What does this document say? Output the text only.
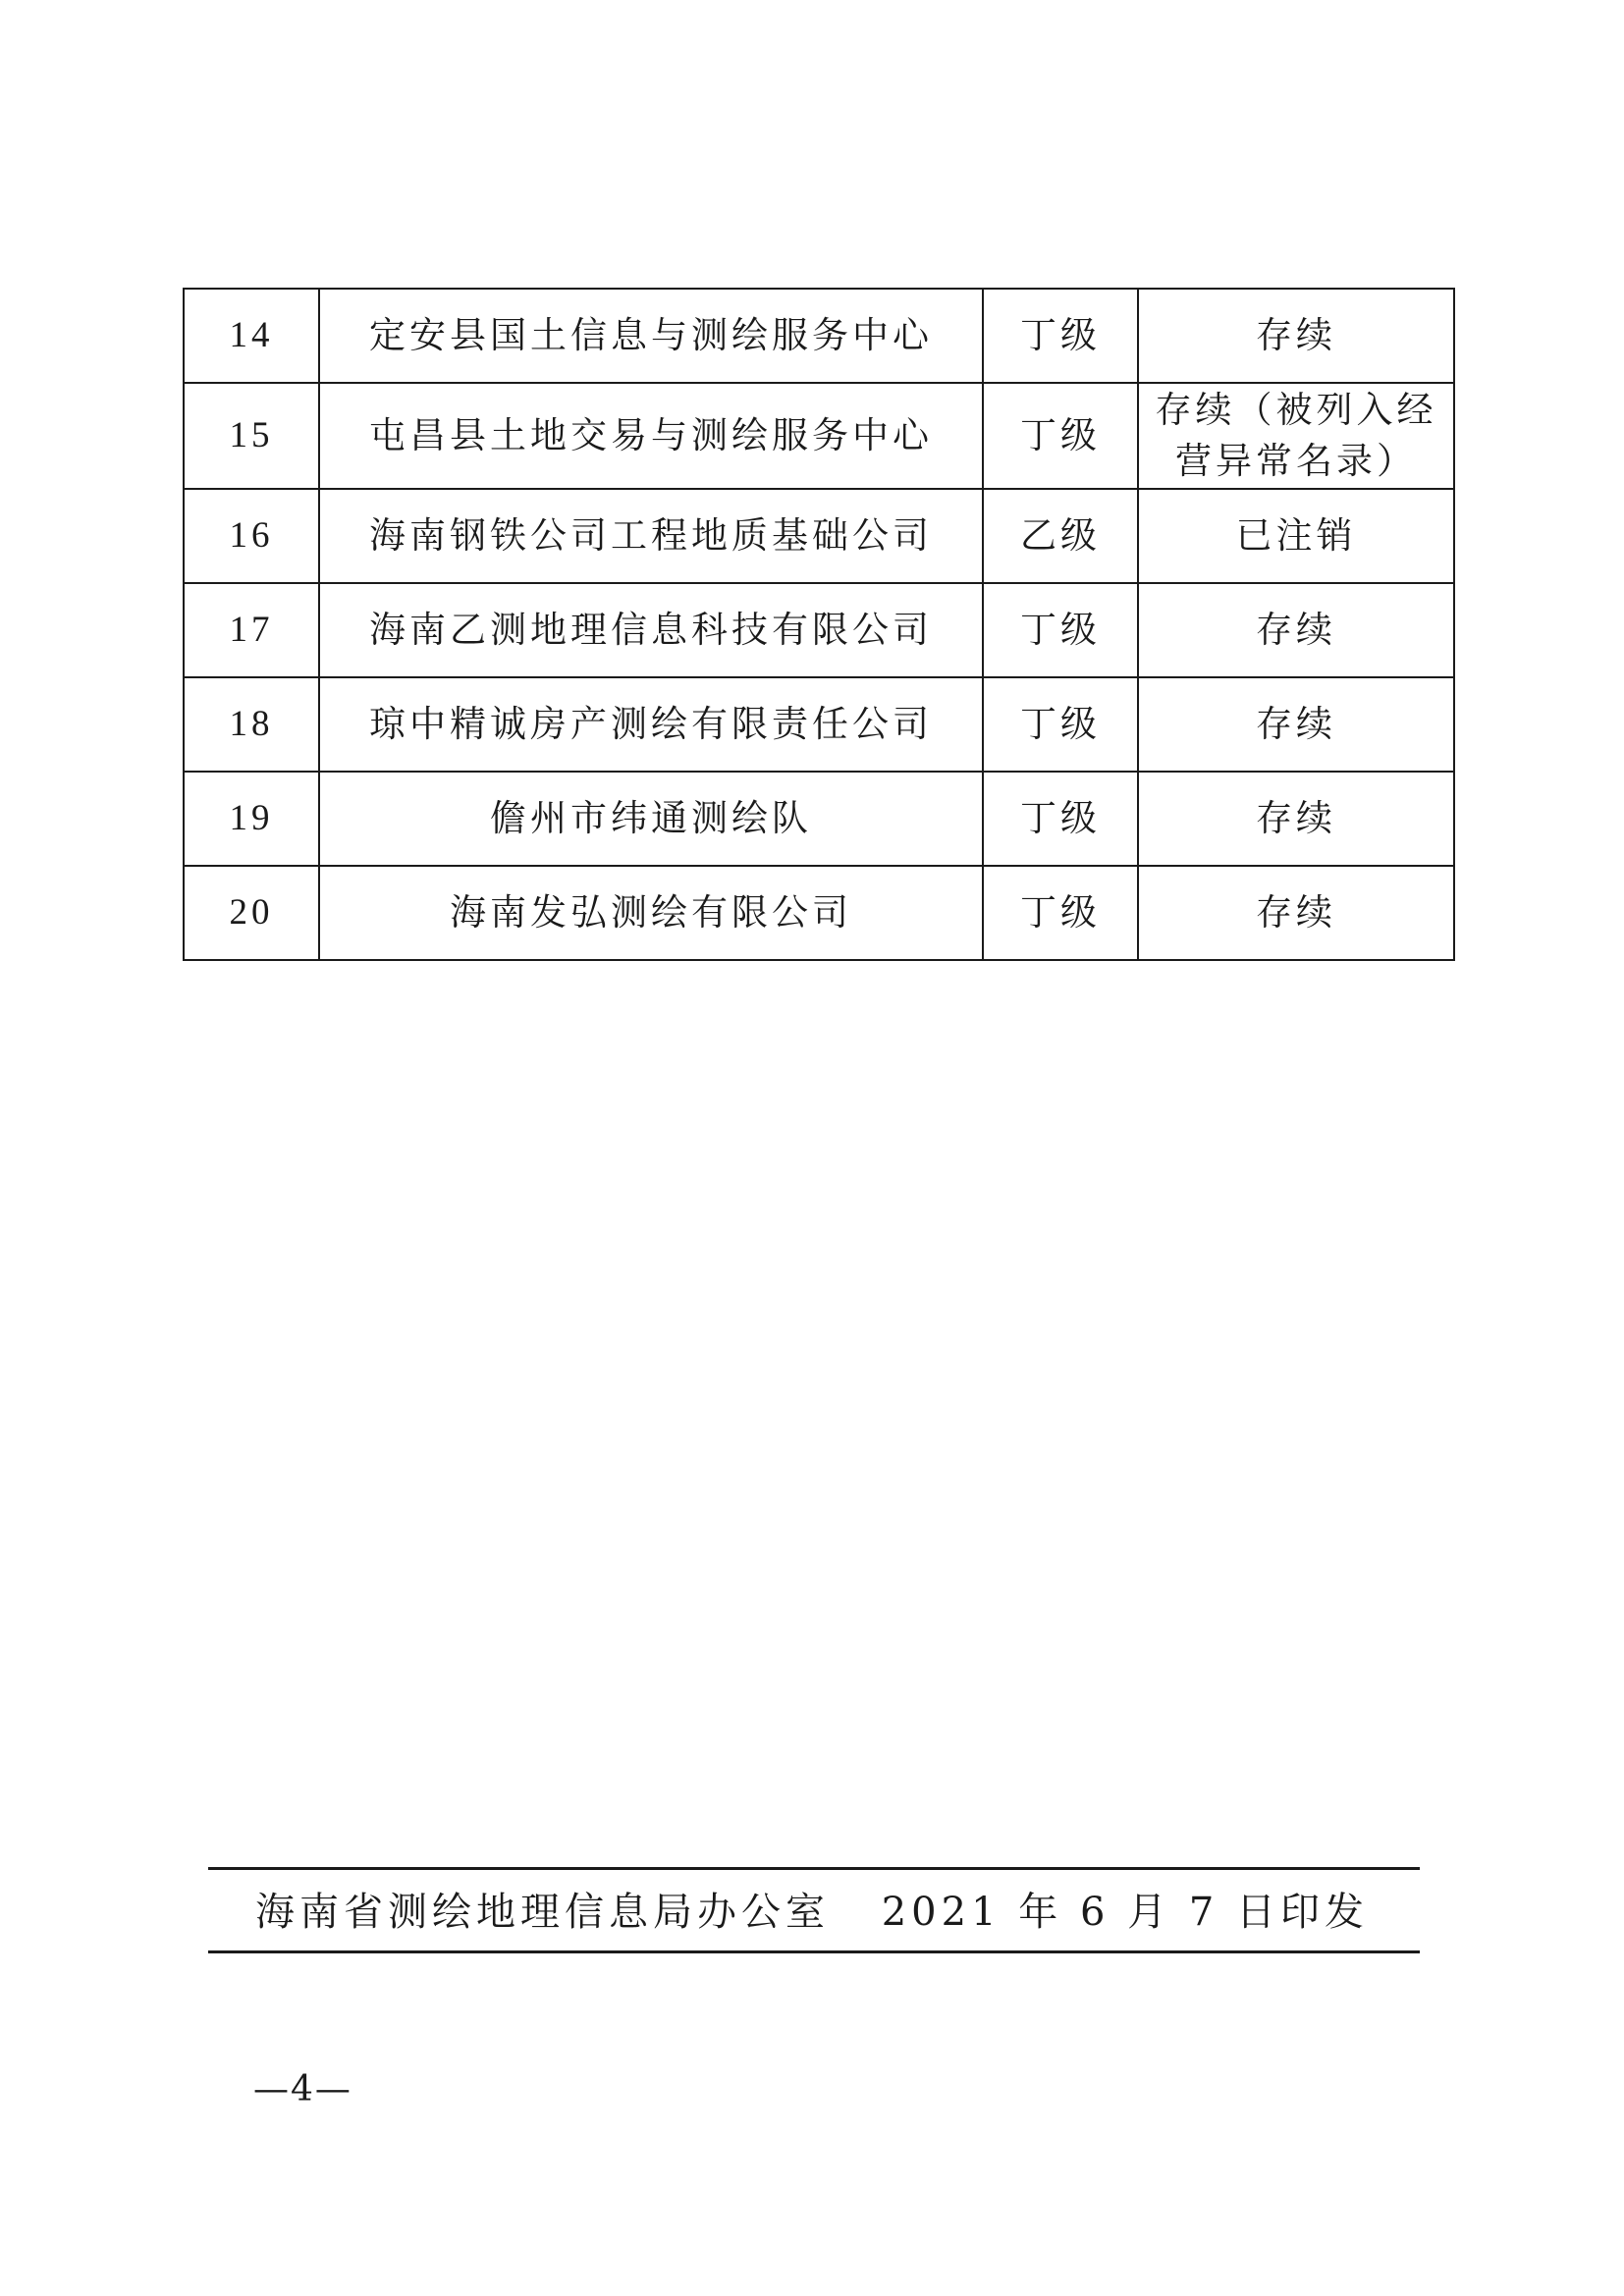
14	定安县国土信息与测绘服务中心	丁级	存续
15	屯昌县土地交易与测绘服务中心	丁级	存续（被列入经营异常名录）
16	海南钢铁公司工程地质基础公司	乙级	已注销
17	海南乙测地理信息科技有限公司	丁级	存续
18	琼中精诚房产测绘有限责任公司	丁级	存续
19	儋州市纬通测绘队	丁级	存续
20	海南发弘测绘有限公司	丁级	存续
海南省测绘地理信息局办公室 2021 年 6 月 7 日印发
—4—
